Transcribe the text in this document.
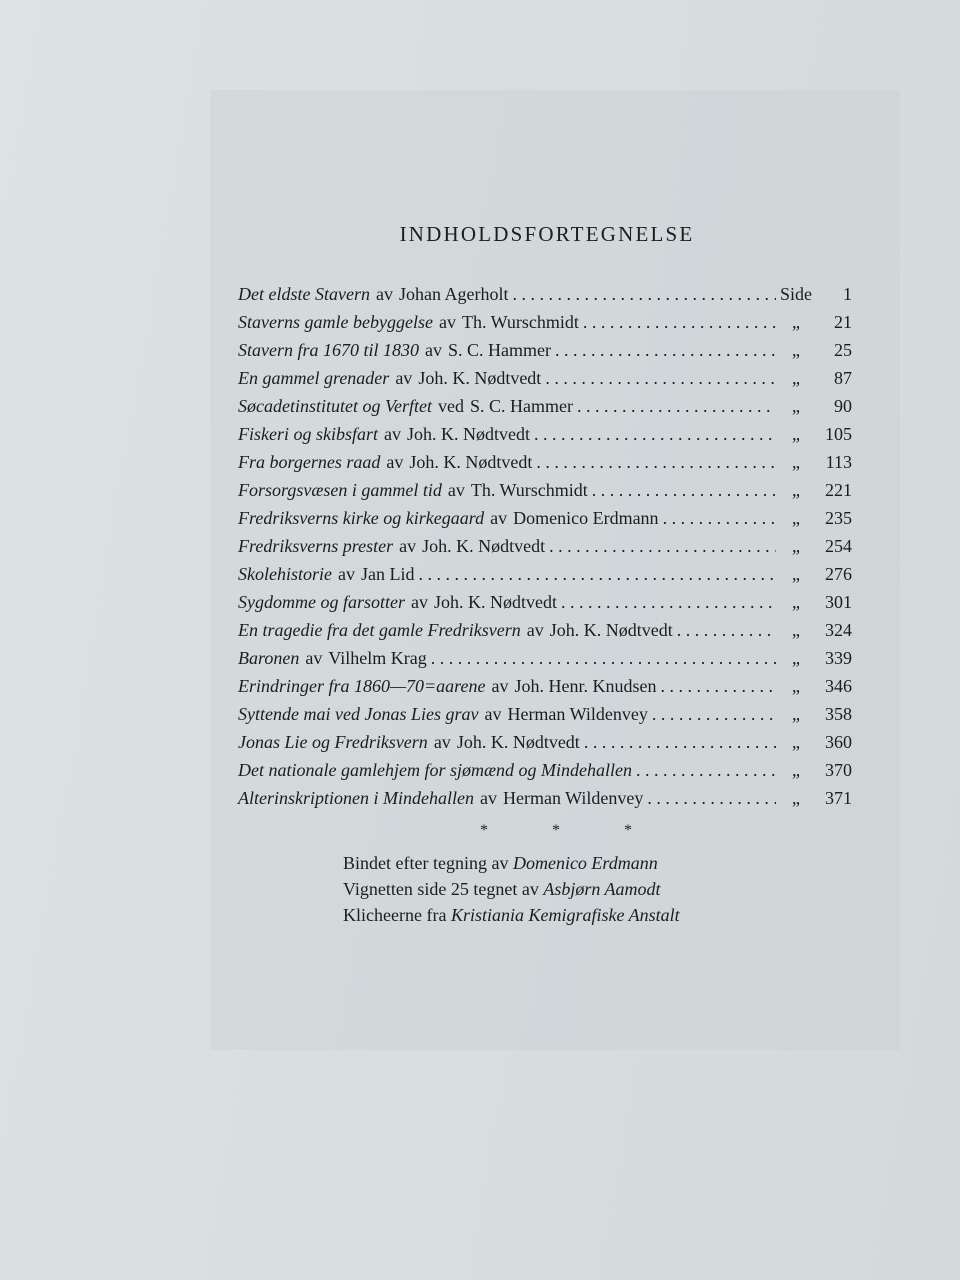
INDHOLDSFORTEGNELSE
Det eldste Stavern av Johan Agerholt . . .	Side	1
Staverns gamle bebyggelse av Th. Wurschmidt . . .	„	21
Stavern fra 1670 til 1830 av S. C. Hammer . . .	„	25
En gammel grenader av Joh. K. Nødtvedt . . .	„	87
Søcadetinstitutet og Verftet ved S. C. Hammer . . .	„	90
Fiskeri og skibsfart av Joh. K. Nødtvedt . . .	„	105
Fra borgernes raad av Joh. K. Nødtvedt . . .	„	113
Forsorgsvæsen i gammel tid av Th. Wurschmidt . . .	„	221
Fredriksverns kirke og kirkegaard av Domenico Erdmann . . .	„	235
Fredriksverns prester av Joh. K. Nødtvedt . . .	„	254
Skolehistorie av Jan Lid . . .	„	276
Sygdomme og farsotter av Joh. K. Nødtvedt . . .	„	301
En tragedie fra det gamle Fredriksvern av Joh. K. Nødtvedt . . .	„	324
Baronen av Vilhelm Krag . . .	„	339
Erindringer fra 1860—70=aarene av Joh. Henr. Knudsen . . .	„	346
Syttende mai ved Jonas Lies grav av Herman Wildenvey . . .	„	358
Jonas Lie og Fredriksvern av Joh. K. Nødtvedt . . .	„	360
Det nationale gamlehjem for sjømænd og Mindehallen . . .	„	370
Alterinskriptionen i Mindehallen av Herman Wildenvey . . .	„	371
* * *
Bindet efter tegning av Domenico Erdmann
Vignetten side 25 tegnet av Asbjørn Aamodt
Klicheerne fra Kristiania Kemigrafiske Anstalt
